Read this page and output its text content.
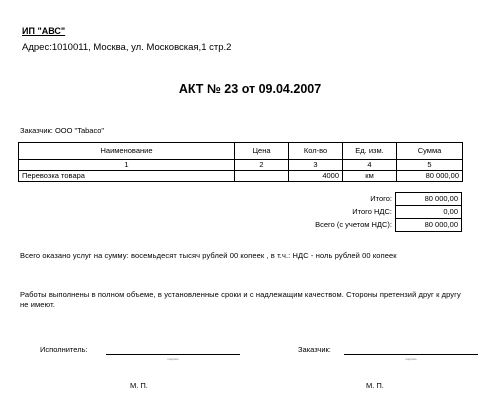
ИП "АВС"
Адрес:1010011, Москва, ул. Московская,1 стр.2
АКТ № 23 от 09.04.2007
Заказчик: ООО "Tabaco"
Наименование	Цена	Кол-во	Ед. изм.	Сумма
1	2	3	4	5
Перевозка товара		4000	км	80 000,00
Итого:	80 000,00
Итого НДС:	0,00
Всего (с учетом НДС):	80 000,00
Всего оказано услуг на сумму: восемьдесят тысяч рублей 00 копеек , в т.ч.: НДС - ноль рублей 00 копеек
Работы выполнены в полном объеме, в установленные сроки и с надлежащим качеством. Стороны претензий друг к другу не имеют.
Исполнитель:
подпись
Заказчик:
подпись
М. П.	М. П.
